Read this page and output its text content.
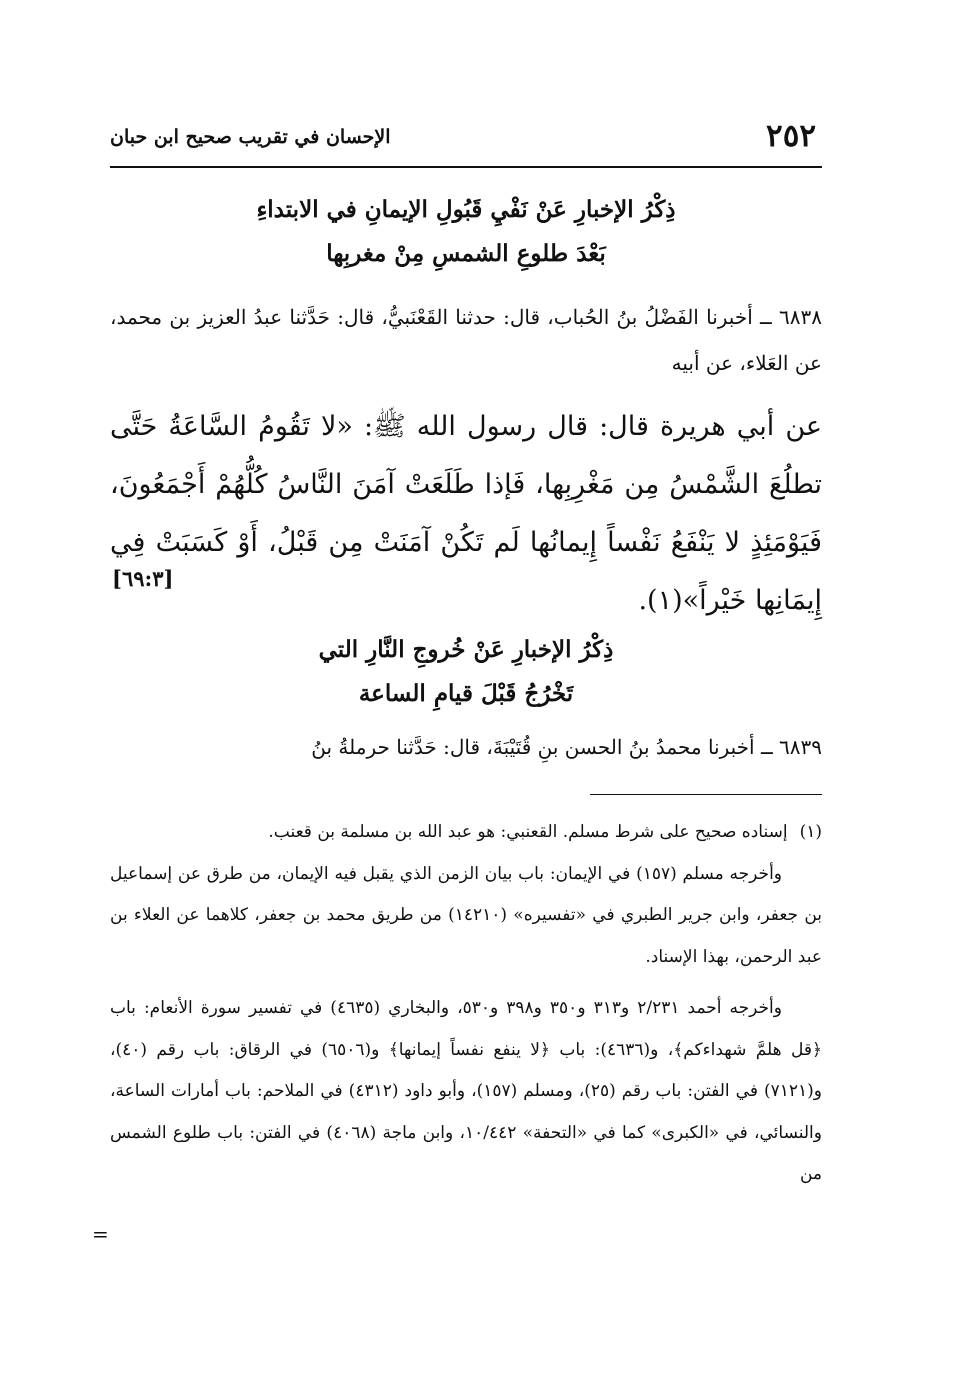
٢٥٢
الإحسان في تقريب صحيح ابن حبان
ذِكْرُ الإخبارِ عَنْ نَفْيِ قَبُولِ الإيمانِ في الابتداءِ
بَعْدَ طلوعِ الشمسِ مِنْ مغربِها
٦٨٣٨ ــ أخبرنا الفَضْلُ بنُ الحُباب، قال: حدثنا القَعْنَبيُّ، قال: حَدَّثنا عبدُ العزيز بن محمد، عن العَلاء، عن أبيه
عن أبي هريرة قال: قال رسول الله ﷺ: «لا تَقُومُ السَّاعَةُ حَتَّى تطلُعَ الشَّمْسُ مِن مَغْرِبِها، فَإذا طَلَعَتْ آمَنَ النَّاسُ كُلُّهُمْ أَجْمَعُونَ، فَيَوْمَئِذٍ لا يَنْفَعُ نَفْساً إِيمانُها لَم تَكُنْ آمَنَتْ مِن قَبْلُ، أَوْ كَسَبَتْ فِي إِيمَانِها خَيْراً»(١).
[٦٩:٣]
ذِكْرُ الإخبارِ عَنْ خُروجِ النَّارِ التي
تَخْرُجُ قَبْلَ قيامِ الساعة
٦٨٣٩ ــ أخبرنا محمدُ بنُ الحسن بنِ قُتَيْبَةَ، قال: حَدَّثنا حرملةُ بنُ
(١)إسناده صحيح على شرط مسلم. القعنبي: هو عبد الله بن مسلمة بن قعنب.
وأخرجه مسلم (١٥٧) في الإيمان: باب بيان الزمن الذي يقبل فيه الإيمان، من طرق عن إسماعيل بن جعفر، وابن جرير الطبري في «تفسيره» (١٤٢١٠) من طريق محمد بن جعفر، كلاهما عن العلاء بن عبد الرحمن، بهذا الإسناد.
وأخرجه أحمد ٢/٢٣١ و٣١٣ و٣٥٠ و٣٩٨ و٥٣٠، والبخاري (٤٦٣٥) في تفسير سورة الأنعام: باب ﴿قل هلمَّ شهداءكم﴾، و(٤٦٣٦): باب ﴿لا ينفع نفساً إيمانها﴾ و(٦٥٠٦) في الرقاق: باب رقم (٤٠)، و(٧١٢١) في الفتن: باب رقم (٢٥)، ومسلم (١٥٧)، وأبو داود (٤٣١٢) في الملاحم: باب أمارات الساعة، والنسائي، في «الكبرى» كما في «التحفة» ١٠/٤٤٢، وابن ماجة (٤٠٦٨) في الفتن: باب طلوع الشمس من
=
